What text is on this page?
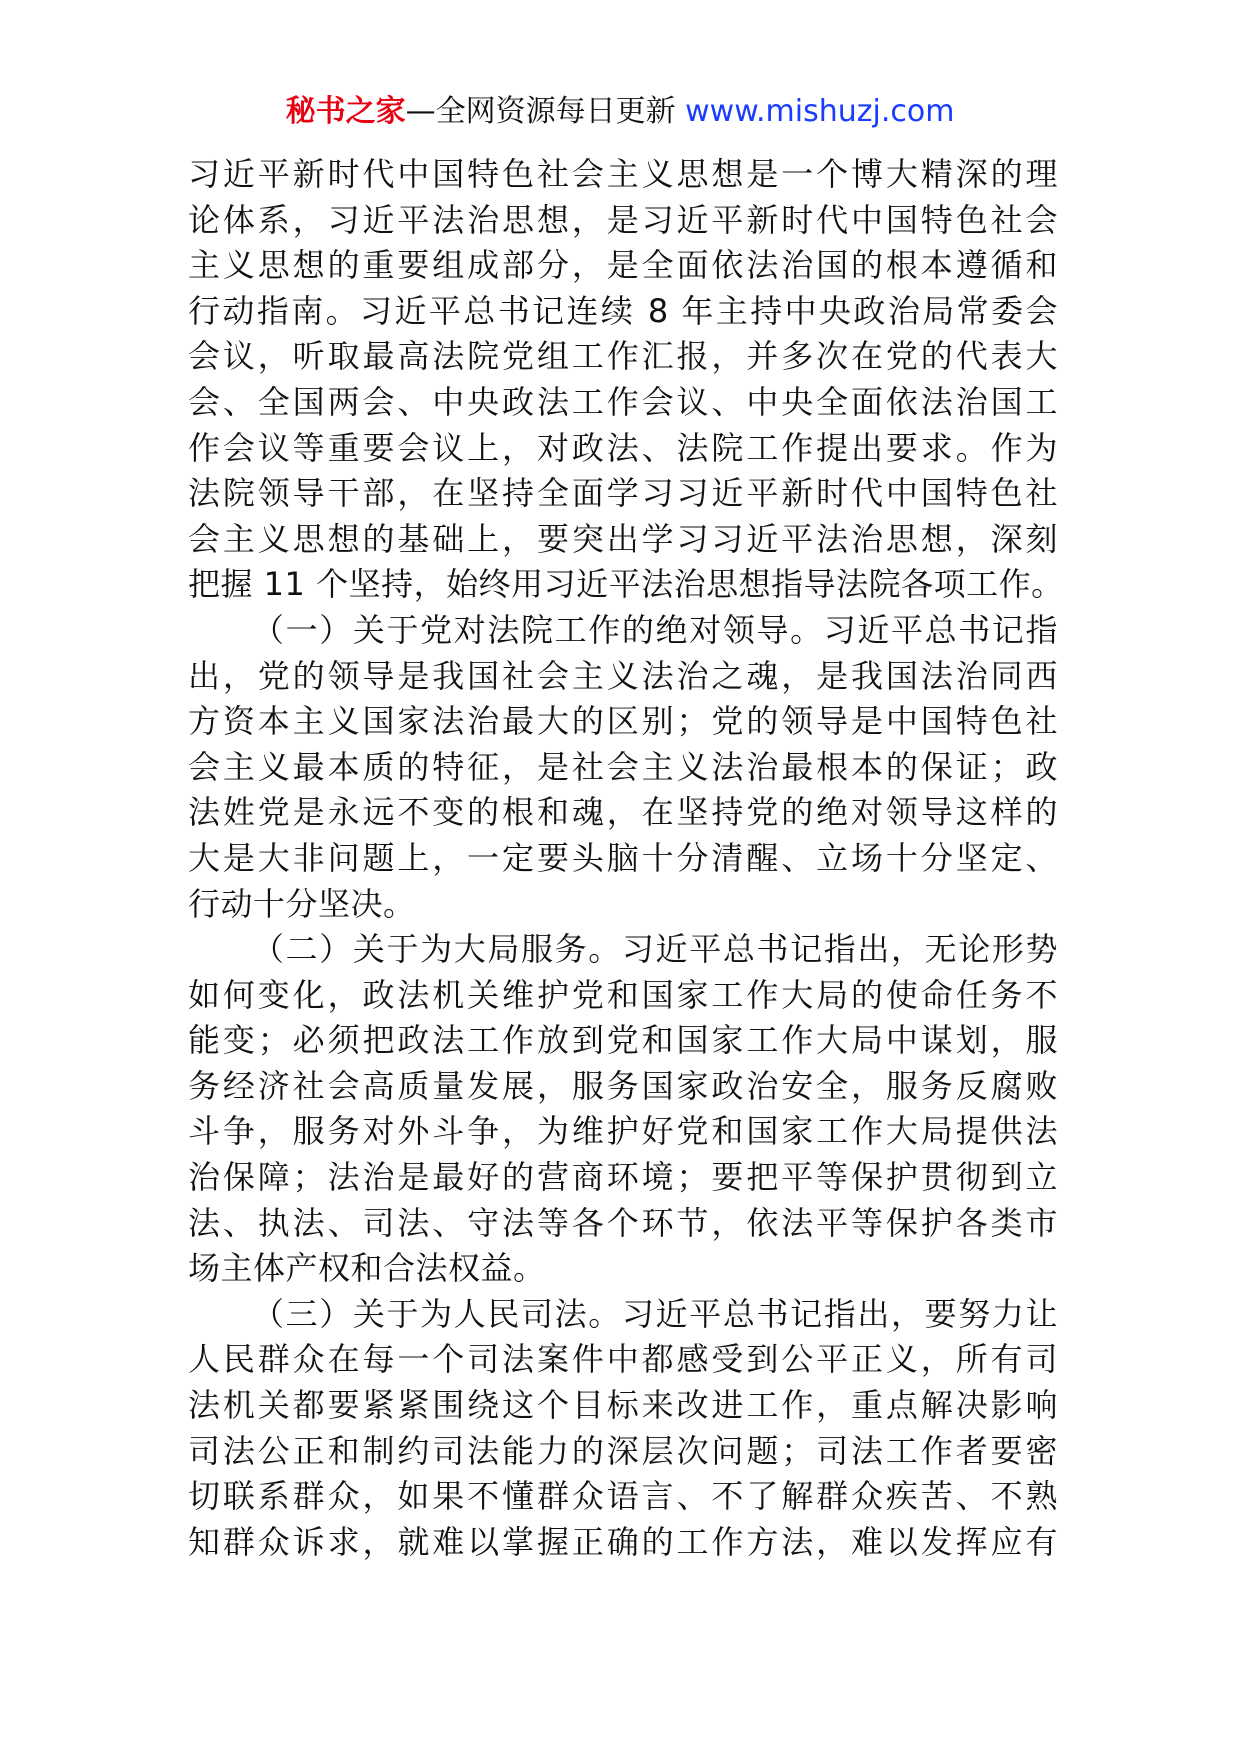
秘书之家—全网资源每日更新 www.mishuzj.com
习近平新时代中国特色社会主义思想是一个博大精深的理
论体系，习近平法治思想，是习近平新时代中国特色社会
主义思想的重要组成部分，是全面依法治国的根本遵循和
行动指南。习近平总书记连续 8 年主持中央政治局常委会
会议，听取最高法院党组工作汇报，并多次在党的代表大
会、全国两会、中央政法工作会议、中央全面依法治国工
作会议等重要会议上，对政法、法院工作提出要求。作为
法院领导干部，在坚持全面学习习近平新时代中国特色社
会主义思想的基础上，要突出学习习近平法治思想，深刻
把握 11 个坚持，始终用习近平法治思想指导法院各项工作。
（一）关于党对法院工作的绝对领导。习近平总书记指
出，党的领导是我国社会主义法治之魂，是我国法治同西
方资本主义国家法治最大的区别；党的领导是中国特色社
会主义最本质的特征，是社会主义法治最根本的保证；政
法姓党是永远不变的根和魂，在坚持党的绝对领导这样的
大是大非问题上，一定要头脑十分清醒、立场十分坚定、
行动十分坚决。
（二）关于为大局服务。习近平总书记指出，无论形势
如何变化，政法机关维护党和国家工作大局的使命任务不
能变；必须把政法工作放到党和国家工作大局中谋划，服
务经济社会高质量发展，服务国家政治安全，服务反腐败
斗争，服务对外斗争，为维护好党和国家工作大局提供法
治保障；法治是最好的营商环境；要把平等保护贯彻到立
法、执法、司法、守法等各个环节，依法平等保护各类市
场主体产权和合法权益。
（三）关于为人民司法。习近平总书记指出，要努力让
人民群众在每一个司法案件中都感受到公平正义，所有司
法机关都要紧紧围绕这个目标来改进工作，重点解决影响
司法公正和制约司法能力的深层次问题；司法工作者要密
切联系群众，如果不懂群众语言、不了解群众疾苦、不熟
知群众诉求，就难以掌握正确的工作方法，难以发挥应有
